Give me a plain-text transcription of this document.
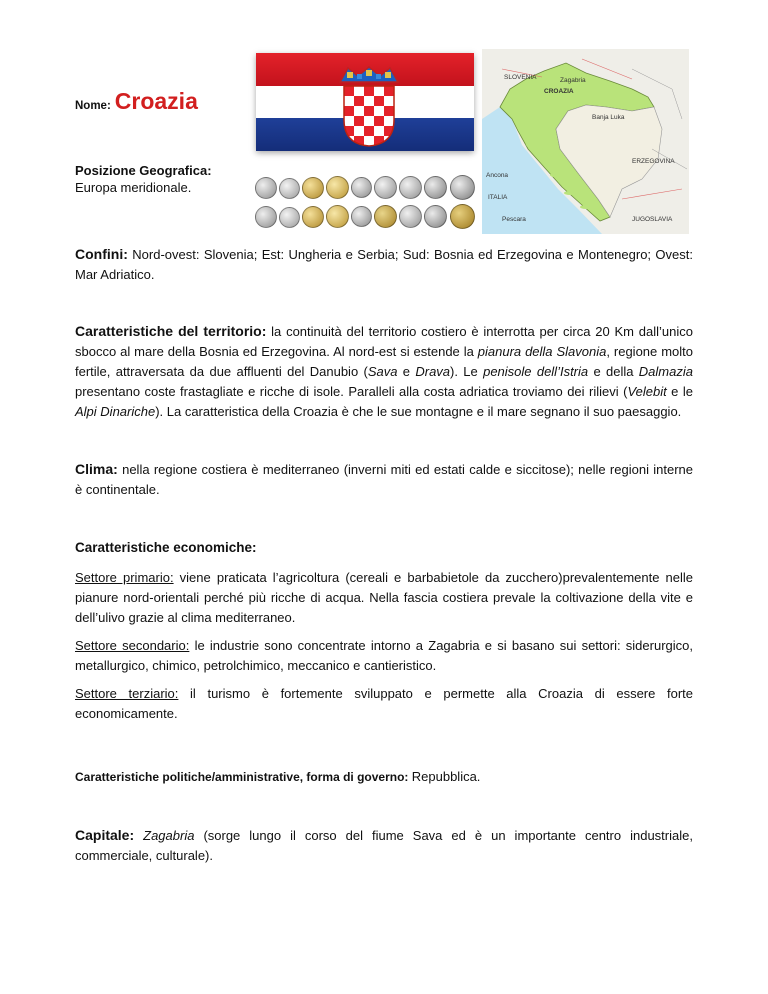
Nome: Croazia
SLOVENIA
CROAZIA
Zagabria
Banja Luka
ERZEGOVINA
ITALIA
Ancona
Pescara	JUGOSLAVIA
Posizione Geografica:
Europa meridionale.

Confini: Nord-ovest: Slovenia; Est: Ungheria e Serbia; Sud: Bosnia ed Erzegovina e Montenegro; Ovest: Mar Adriatico.

Caratteristiche del territorio: la continuità del territorio costiero è interrotta per circa 20 Km dall’unico sbocco al mare della Bosnia ed Erzegovina. Al nord-est si estende la pianura della Slavonia, regione molto fertile, attraversata da due affluenti del Danubio (Sava e Drava). Le penisole dell’Istria e della Dalmazia presentano coste frastagliate e ricche di isole. Paralleli alla costa adriatica troviamo dei rilievi (Velebit e le Alpi Dinariche). La caratteristica della Croazia è che le sue montagne e il mare segnano il suo paesaggio.

Clima: nella regione costiera è mediterraneo (inverni miti ed estati calde e siccitose); nelle regioni interne è continentale.

Caratteristiche economiche:

Settore primario: viene praticata l’agricoltura (cereali e barbabietole da zucchero)prevalentemente nelle pianure nord-orientali perché più ricche di acqua. Nella fascia costiera prevale la coltivazione della vite e dell’ulivo grazie al clima mediterraneo.

Settore secondario: le industrie sono concentrate intorno a Zagabria e si basano sui settori: siderurgico, metallurgico, chimico, petrolchimico, meccanico e cantieristico.

Settore terziario: il turismo è fortemente sviluppato e permette alla Croazia di essere forte economicamente.

Caratteristiche politiche/amministrative, forma di governo: Repubblica.

Capitale: Zagabria (sorge lungo il corso del fiume Sava ed è un importante centro industriale, commerciale, culturale).
